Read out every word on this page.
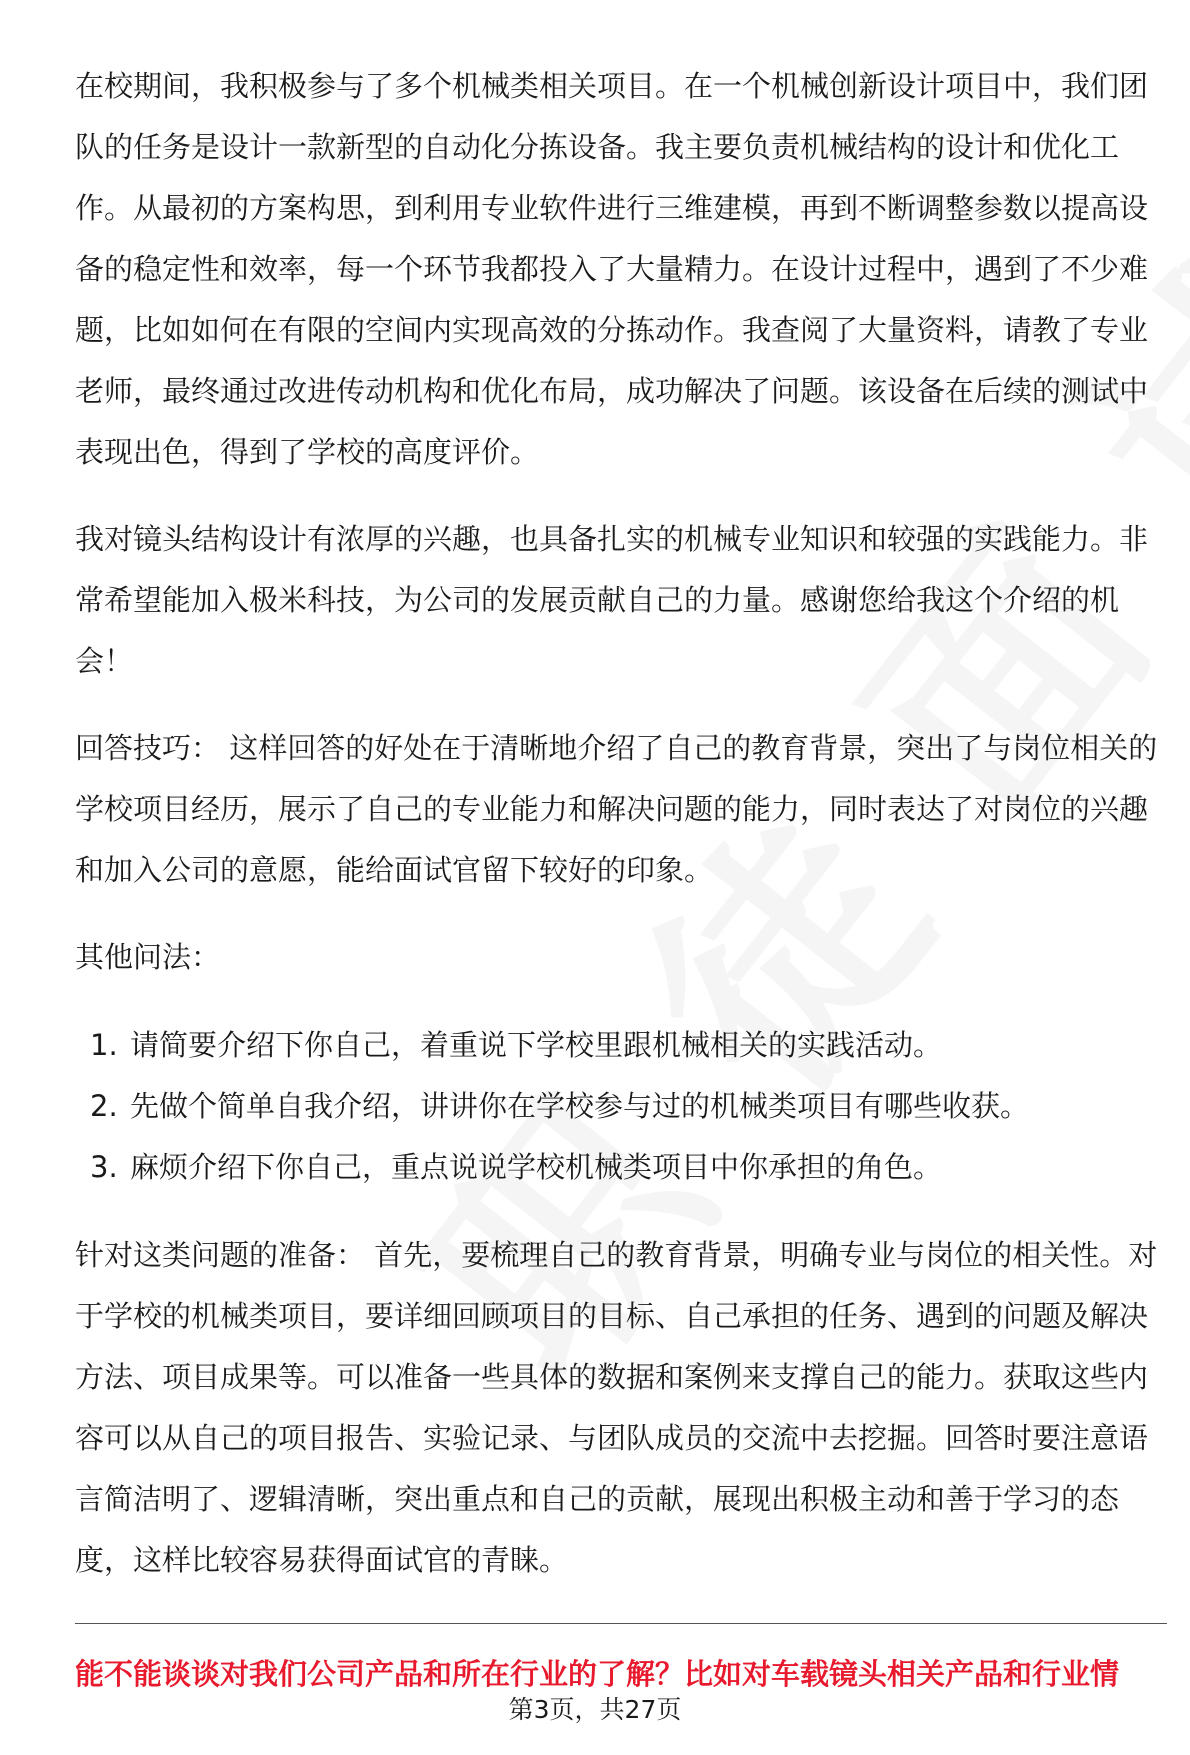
在校期间，我积极参与了多个机械类相关项目。在一个机械创新设计项目中，我们团队的任务是设计一款新型的自动化分拣设备。我主要负责机械结构的设计和优化工作。从最初的方案构思，到利用专业软件进行三维建模，再到不断调整参数以提高设备的稳定性和效率，每一个环节我都投入了大量精力。在设计过程中，遇到了不少难题，比如如何在有限的空间内实现高效的分拣动作。我查阅了大量资料，请教了专业老师，最终通过改进传动机构和优化布局，成功解决了问题。该设备在后续的测试中表现出色，得到了学校的高度评价。

我对镜头结构设计有浓厚的兴趣，也具备扎实的机械专业知识和较强的实践能力。非常希望能加入极米科技，为公司的发展贡献自己的力量。感谢您给我这个介绍的机会！

回答技巧： 这样回答的好处在于清晰地介绍了自己的教育背景，突出了与岗位相关的学校项目经历，展示了自己的专业能力和解决问题的能力，同时表达了对岗位的兴趣和加入公司的意愿，能给面试官留下较好的印象。

其他问法：

1. 请简要介绍下你自己，着重说下学校里跟机械相关的实践活动。
2. 先做个简单自我介绍，讲讲你在学校参与过的机械类项目有哪些收获。
3. 麻烦介绍下你自己，重点说说学校机械类项目中你承担的角色。

针对这类问题的准备： 首先，要梳理自己的教育背景，明确专业与岗位的相关性。对于学校的机械类项目，要详细回顾项目的目标、自己承担的任务、遇到的问题及解决方法、项目成果等。可以准备一些具体的数据和案例来支撑自己的能力。获取这些内容可以从自己的项目报告、实验记录、与团队成员的交流中去挖掘。回答时要注意语言简洁明了、逻辑清晰，突出重点和自己的贡献，展现出积极主动和善于学习的态度，这样比较容易获得面试官的青睐。

能不能谈谈对我们公司产品和所在行业的了解？比如对车载镜头相关产品和行业情
第3页，共27页
